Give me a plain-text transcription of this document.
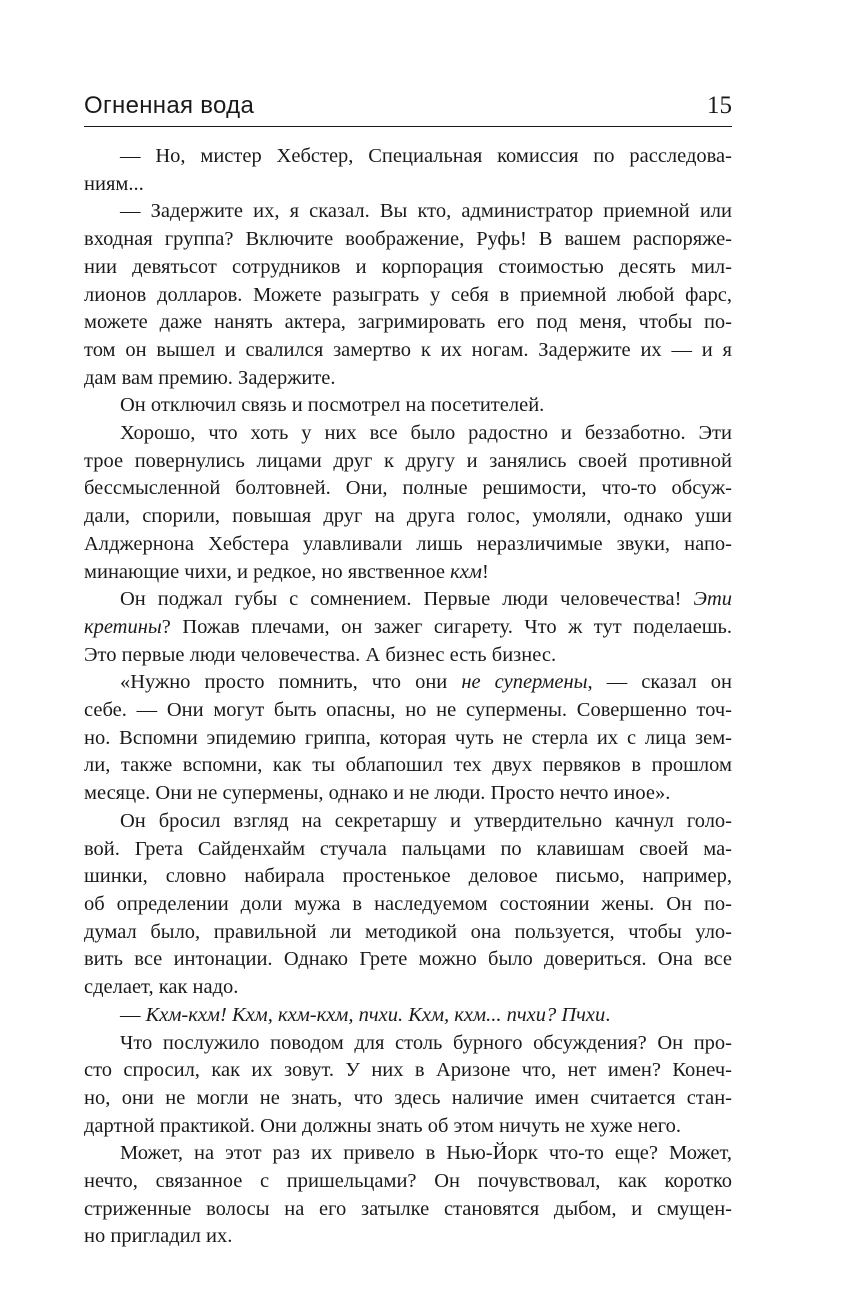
Огненная вода	15
— Но, мистер Хебстер, Специальная комиссия по расследова-
ниям...
— Задержите их, я сказал. Вы кто, администратор приемной или
входная группа? Включите воображение, Руфь! В вашем распоряже-
нии девятьсот сотрудников и корпорация стоимостью десять мил-
лионов долларов. Можете разыграть у себя в приемной любой фарс,
можете даже нанять актера, загримировать его под меня, чтобы по-
том он вышел и свалился замертво к их ногам. Задержите их — и я
дам вам премию. Задержите.
Он отключил связь и посмотрел на посетителей.
Хорошо, что хоть у них все было радостно и беззаботно. Эти
трое повернулись лицами друг к другу и занялись своей противной
бессмысленной болтовней. Они, полные решимости, что-то обсуж-
дали, спорили, повышая друг на друга голос, умоляли, однако уши
Алджернона Хебстера улавливали лишь неразличимые звуки, напо-
минающие чихи, и редкое, но явственное кхм!
Он поджал губы с сомнением. Первые люди человечества! Эти
кретины? Пожав плечами, он зажег сигарету. Что ж тут поделаешь.
Это первые люди человечества. А бизнес есть бизнес.
«Нужно просто помнить, что они не супермены, — сказал он
себе. — Они могут быть опасны, но не супермены. Совершенно точ-
но. Вспомни эпидемию гриппа, которая чуть не стерла их с лица зем-
ли, также вспомни, как ты облапошил тех двух первяков в прошлом
месяце. Они не супермены, однако и не люди. Просто нечто иное».
Он бросил взгляд на секретаршу и утвердительно качнул голо-
вой. Грета Сайденхайм стучала пальцами по клавишам своей ма-
шинки, словно набирала простенькое деловое письмо, например,
об определении доли мужа в наследуемом состоянии жены. Он по-
думал было, правильной ли методикой она пользуется, чтобы уло-
вить все интонации. Однако Грете можно было довериться. Она все
сделает, как надо.
— Кхм-кхм! Кхм, кхм-кхм, пчхи. Кхм, кхм... пчхи? Пчхи.
Что послужило поводом для столь бурного обсуждения? Он про-
сто спросил, как их зовут. У них в Аризоне что, нет имен? Конеч-
но, они не могли не знать, что здесь наличие имен считается стан-
дартной практикой. Они должны знать об этом ничуть не хуже него.
Может, на этот раз их привело в Нью-Йорк что-то еще? Может,
нечто, связанное с пришельцами? Он почувствовал, как коротко
стриженные волосы на его затылке становятся дыбом, и смущен-
но пригладил их.
